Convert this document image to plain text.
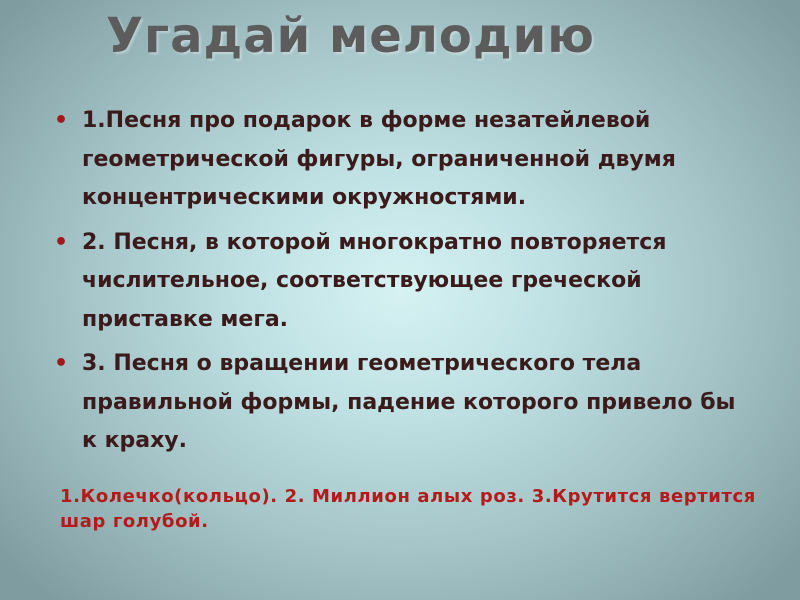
Угадай мелодию
• 1.Песня про подарок в форме незатейлевой геометрической фигуры, ограниченной двумя концентрическими окружностями.
• 2. Песня, в которой многократно повторяется числительное, соответствующее греческой приставке мега.
• 3. Песня о вращении геометрического тела правильной формы, падение которого привело бы к краху.
1.Колечко(кольцо). 2. Миллион алых роз. 3.Крутится вертится шар голубой.
